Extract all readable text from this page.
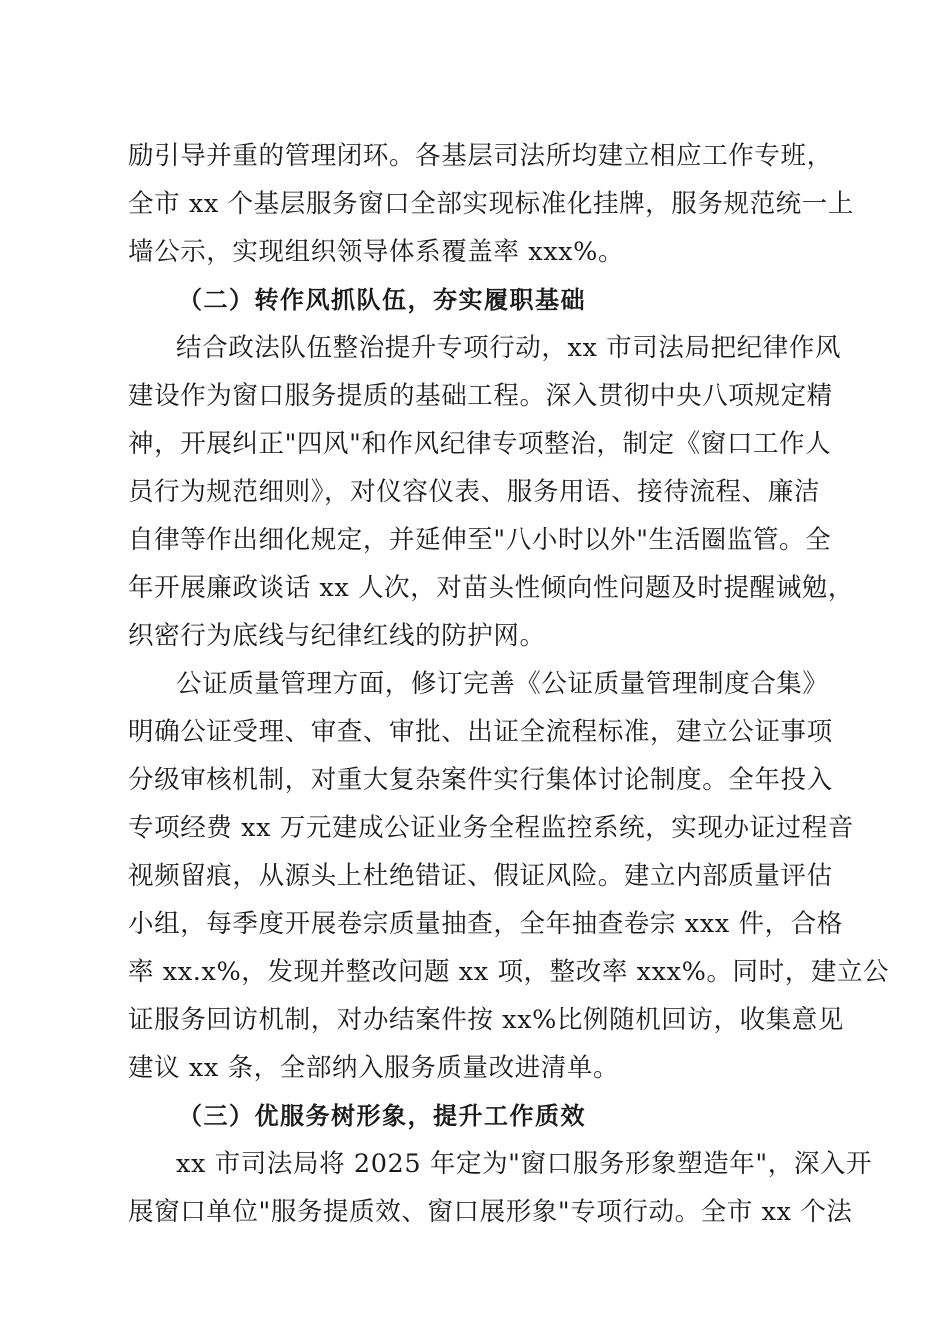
励引导并重的管理闭环。各基层司法所均建立相应工作专班，
全市 xx 个基层服务窗口全部实现标准化挂牌，服务规范统一上
墙公示，实现组织领导体系覆盖率 xxx%。
（二）转作风抓队伍，夯实履职基础
结合政法队伍整治提升专项行动，xx 市司法局把纪律作风
建设作为窗口服务提质的基础工程。深入贯彻中央八项规定精
神，开展纠正"四风"和作风纪律专项整治，制定《窗口工作人
员行为规范细则》，对仪容仪表、服务用语、接待流程、廉洁
自律等作出细化规定，并延伸至"八小时以外"生活圈监管。全
年开展廉政谈话 xx 人次，对苗头性倾向性问题及时提醒诫勉，
织密行为底线与纪律红线的防护网。
公证质量管理方面，修订完善《公证质量管理制度合集》
明确公证受理、审查、审批、出证全流程标准，建立公证事项
分级审核机制，对重大复杂案件实行集体讨论制度。全年投入
专项经费 xx 万元建成公证业务全程监控系统，实现办证过程音
视频留痕，从源头上杜绝错证、假证风险。建立内部质量评估
小组，每季度开展卷宗质量抽查，全年抽查卷宗 xxx 件，合格
率 xx.x%，发现并整改问题 xx 项，整改率 xxx%。同时，建立公
证服务回访机制，对办结案件按 xx%比例随机回访，收集意见
建议 xx 条，全部纳入服务质量改进清单。
（三）优服务树形象，提升工作质效
xx 市司法局将 2025 年定为"窗口服务形象塑造年"，深入开
展窗口单位"服务提质效、窗口展形象"专项行动。全市 xx 个法
